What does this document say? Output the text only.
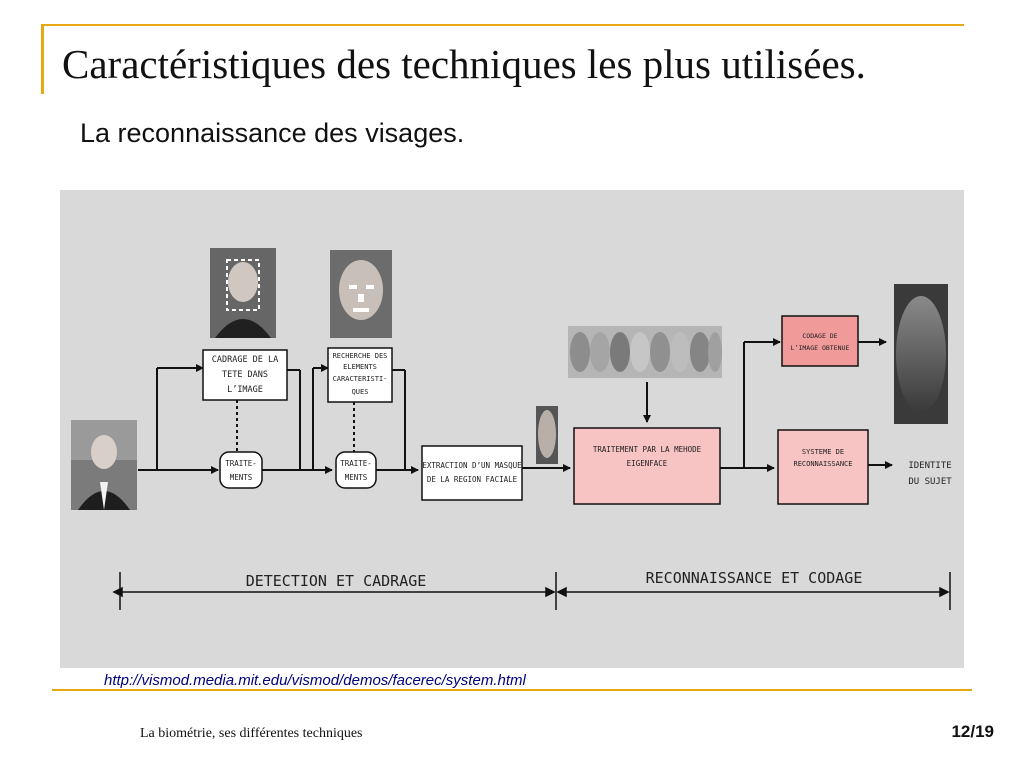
Caractéristiques des techniques les plus utilisées.
La reconnaissance des visages.
CADRAGE DE LA
TETE DANS
L’IMAGE
RECHERCHE DES
ELEMENTS
CARACTERISTI-
QUES
TRAITE-
MENTS
TRAITE-
MENTS
EXTRACTION D’UN MASQUE
DE LA REGION FACIALE
TRAITEMENT PAR LA MEHODE
EIGENFACE
CODAGE DE
L’IMAGE OBTENUE
SYSTEME DE
RECONNAISSANCE	IDENTITE
DU SUJET
DETECTION ET CADRAGE	RECONNAISSANCE ET CODAGE
http://vismod.media.mit.edu/vismod/demos/facerec/system.html
La biométrie, ses différentes techniques	12/19
